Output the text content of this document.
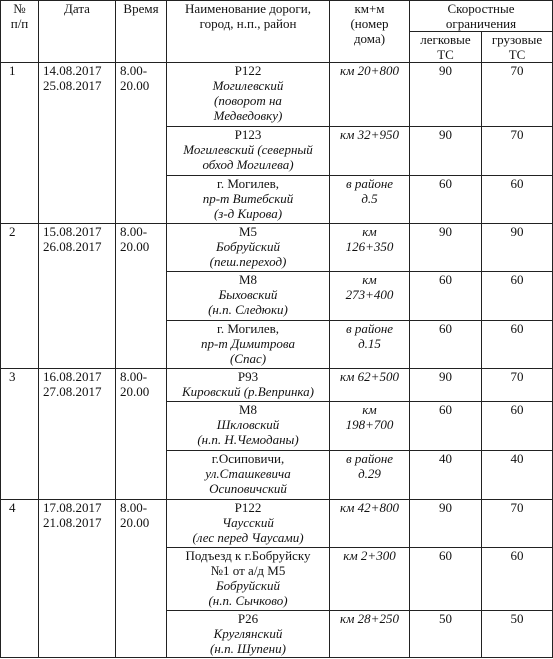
№
п/п	Дата	Время	Наименование дороги,
город, н.п., район	км+м
(номер
дома)	Скоростные
ограничения	
					легковые
ТС	грузовые
ТС
1	14.08.2017
25.08.2017	8.00-
20.00	Р122
Могилевский
(поворот на
Медведовку)	км 20+800	90	70

			Р123
Могилевский (северный
обход Могилева)	км 32+950	90	70

			г. Могилев,
пр-т Витебский
(з-д Кирова)	в районе
д.5	60	60
2	15.08.2017
26.08.2017	8.00-
20.00	М5
Бобруйский
(пеш.переход)	км
126+350	90	90

			М8
Быховский
(н.п. Следюки)	км
273+400	60	60

			г. Могилев,
пр-т Димитрова
(Спас)	в районе
д.15	60	60
3	16.08.2017
27.08.2017	8.00-
20.00	Р93
Кировский (р.Вепринка)	км 62+500	90	70

			М8
Шкловский
(н.п. Н.Чемоданы)	км
198+700	60	60

			г.Осиповичи,
ул.Сташкевича
Осиповичский	в районе
д.29	40	40
4	17.08.2017
21.08.2017	8.00-
20.00	Р122
Чаусский
(лес перед Чаусами)	км 42+800	90	70

			Подъезд к г.Бобруйску
№1 от а/д М5
Бобруйский
(н.п. Сычково)	км 2+300	60	60

			Р26
Круглянский
(н.п. Шупени)	км 28+250	50	50
